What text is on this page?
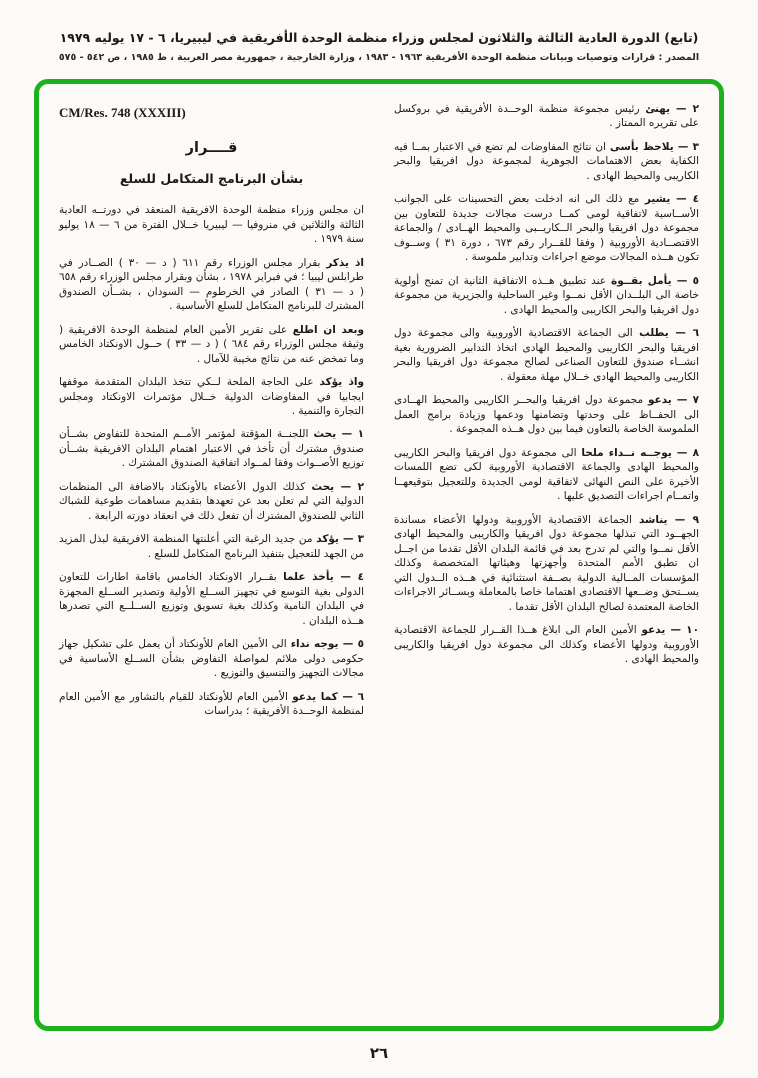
(تابع) الدورة العادية الثالثة والثلاثون لمجلس وزراء منظمة الوحدة الأفريقية في ليبيريا، ٦ - ١٧ يوليه ١٩٧٩
المصدر : قرارات وتوصيات وبيانات منظمة الوحدة الأفريقية ١٩٦٣ - ١٩٨٣ ، وزارة الخارجية ، جمهورية مصر العربية ، ط ١٩٨٥ ، ص ٥٤٢ - ٥٧٥

٢ — يهنئ رئيس مجموعة منظمة الوحــدة الأفريقية في بروكسل على تقريره الممتاز .

٣ — يلاحظ بأسى ان نتائج المفاوضات لم تضع في الاعتبار بمــا فيه الكفاية بعض الاهتمامات الجوهرية لمجموعة دول افريقيا والبحر الكاريبى والمحيط الهادى .

٤ — يشير مع ذلك الى انه ادخلت بعض التحسينات على الجوانب الأســاسية لاتفاقية لومى كمــا درست مجالات جديدة للتعاون بين مجموعة دول افريقيا والبحر الــكاريــبى والمحيط الهــادى / والجماعة الاقتصــادية الأوروبية ( وفقا للقــرار رقم ٦٧٣ ، دورة ٣١ ) وســوف تكون هــذه المجالات موضع اجراءات وتدابير ملموسة .

٥ — يأمل بقــوة عند تطبيق هــذه الاتفاقية الثانية ان تمنح أولوية خاصة الى البلــدان الأقل نمــوا وغير الساحلية والجزيرية من مجموعة دول افريقيا والبحر الكاريبى والمحيط الهادى .

٦ — يطلب الى الجماعة الاقتصادية الأوروبية والى مجموعة دول افريقيا والبحر الكاريبى والمحيط الهادى اتخاذ التدابير الضرورية بغية انشــاء صندوق للتعاون الصناعى لصالح مجموعة دول افريقيا والبحر الكاريبى والمحيط الهادى خــلال مهلة معقولة .

٧ — يدعو مجموعة دول افريقيا والبحــر الكاريبى والمحيط الهــادى الى الحفــاظ على وحدتها وتضامنها ودعمها وزيادة برامج العمل الملموسة الخاصة بالتعاون فيما بين دول هــذه المجموعة .

٨ — يوجــه نــداء ملحا الى مجموعة دول افريقيا والبحر الكاريبى والمحيط الهادى والجماعة الاقتصادية الأوروبية لكى تضع اللمسات الأخيرة على النص النهائى لاتفاقية لومى الجديدة وللتعجيل بتوقيعهــا واتمــام اجراءات التصديق عليها .

٩ — يناشد الجماعة الاقتصادية الأوروبية ودولها الأعضاء مساندة الجهــود التي تبذلها مجموعة دول افريقيا والكاريبى والمحيط الهادى الأقل نمــوا والتي لم تدرج بعد في قائمة البلدان الأقل تقدما من اجــل ان تطبق الأمم المتحدة وأجهزتها وهيئاتها المتخصصة وكذلك المؤسسات المــالية الدولية بصــفة استثنائية في هــذه الــدول التي يســتحق وضــعها الاقتصادى اهتماما خاصا بالمعاملة وبســائر الاجراءات الخاصة المعتمدة لصالح البلدان الأقل تقدما .

١٠ — يدعو الأمين العام الى ابلاغ هــذا القــرار للجماعة الاقتصادية الأوروبية ودولها الأعضاء وكذلك الى مجموعة دول افريقيا والكاريبى والمحيط الهادى .

CM/Res. 748 (XXXIII)
قــــرار
بشأن البرنامج المتكامل للسلع

ان مجلس وزراء منظمة الوحدة الافريقية المنعقد في دورتــه العادية الثالثة والثلاثين في منروفيا — ليبيريا خــلال الفترة من ٦ — ١٨ يوليو سنة ١٩٧٩ .

اذ يذكر بقرار مجلس الوزراء رقم ٦١١ ( د — ٣٠ ) الصــادر في طرابلس ليبيا ؛ في فبراير ١٩٧٨ ، بشأن وبقرار مجلس الوزراء رقم ٦٥٨ ( د — ٣١ ) الصادر في الخرطوم — السودان ، بشــأن الصندوق المشترك للبرنامج المتكامل للسلع الأساسية .

وبعد ان اطلع على تقرير الأمين العام لمنظمة الوحدة الافريقية ( وثيقة مجلس الوزراء رقم ٦٨٤ ) ( د — ٣٣ ) حــول الاونكتاد الخامس وما تمخض عنه من نتائج مخيبة للآمال .

واذ يؤكد على الحاجة الملحة لــكي تتخذ البلدان المتقدمة موقفها ايجابيا في المفاوضات الدولية خــلال مؤتمرات الاونكتاد ومجلس التجارة والتنمية .

١ — يحث اللجنــة المؤقتة لمؤتمر الأمــم المتحدة للتفاوض بشــأن صندوق مشترك أن تأخذ في الاعتبار اهتمام البلدان الافريقية بشــأن توزيع الأصــوات وفقا لمــواد اتفاقية الصندوق المشترك .

٢ — يحث كذلك الدول الأعضاء بالأونكتاد بالاضافة الى المنظمات الدولية التي لم تعلن بعد عن تعهدها بتقديم مساهمات طوعية للشباك الثاني للصندوق المشترك أن تفعل ذلك في انعقاد دورته الرابعة .

٣ — يؤكد من جديد الرغبة التي أعلنتها المنظمة الافريقية لبذل المزيد من الجهد للتعجيل بتنفيذ البرنامج المتكامل للسلع .

٤ — يأخذ علما بقــرار الاونكتاد الخامس باقامة اطارات للتعاون الدولى بغية التوسع في تجهيز الســلع الأولية وتصدير الســلع المجهزة في البلدان النامية وكذلك بغية تسويق وتوزيع الســلــع التي تصدرها هــذه البلدان .

٥ — يوجه نداء الى الأمين العام للأونكتاد أن يعمل على تشكيل جهاز حكومى دولى ملائم لمواصلة التفاوض بشأن الســلع الأساسية في مجالات التجهيز والتنسيق والتوزيع .

٦ — كما يدعو الأمين العام للأونكتاد للقيام بالتشاور مع الأمين العام لمنظمة الوحــدة الأفريقية ؛ بدراسات

٢٦
